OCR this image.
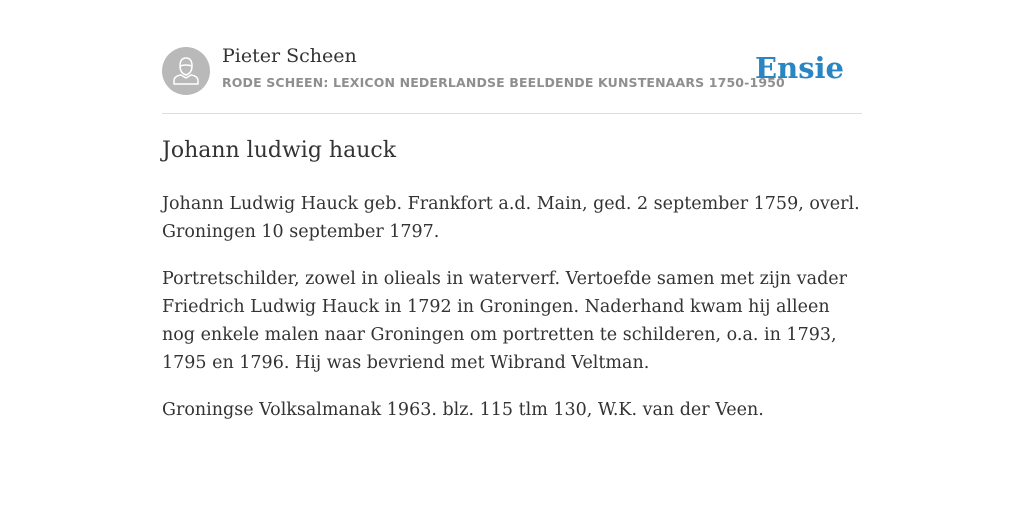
Pieter Scheen
RODE SCHEEN: LEXICON NEDERLANDSE BEELDENDE KUNSTENAARS 1750-1950
Ensie
Johann ludwig hauck

Johann Ludwig Hauck geb. Frankfort a.d. Main, ged. 2 september 1759, overl. Groningen 10 september 1797.

Portretschilder, zowel in olieals in waterverf. Vertoefde samen met zijn vader Friedrich Ludwig Hauck in 1792 in Groningen. Naderhand kwam hij alleen nog enkele malen naar Groningen om portretten te schilderen, o.a. in 1793, 1795 en 1796. Hij was bevriend met Wibrand Veltman.

Groningse Volksalmanak 1963. blz. 115 tlm 130, W.K. van der Veen.
